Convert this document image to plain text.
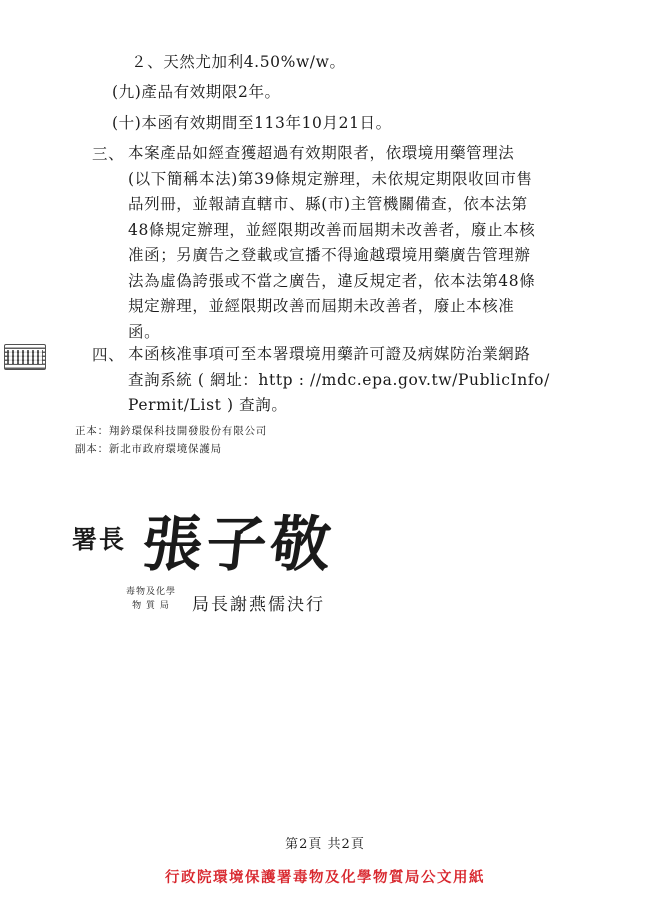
２、天然尤加利4.50%w/w。
(九)產品有效期限2年。
(十)本函有效期間至113年10月21日。
三、 本案產品如經查獲超過有效期限者，依環境用藥管理法
(以下簡稱本法)第39條規定辦理，未依規定期限收回市售
品列冊，並報請直轄市、縣(市)主管機關備查，依本法第
48條規定辦理，並經限期改善而屆期未改善者，廢止本核
准函；另廣告之登載或宣播不得逾越環境用藥廣告管理辦
法為虛偽誇張或不當之廣告，違反規定者，依本法第48條
規定辦理，並經限期改善而屆期未改善者，廢止本核准
函。
四、 本函核准事項可至本署環境用藥許可證及病媒防治業網路
查詢系統 ( 網址：http : //mdc.epa.gov.tw/PublicInfo/
Permit/List ) 查詢。
正本：翔鈐環保科技開發股份有限公司
副本：新北市政府環境保護局
署長 張子敬
毒物及化學
物 質 局	局長謝燕儒決行
第2頁 共2頁
行政院環境保護署毒物及化學物質局公文用紙
